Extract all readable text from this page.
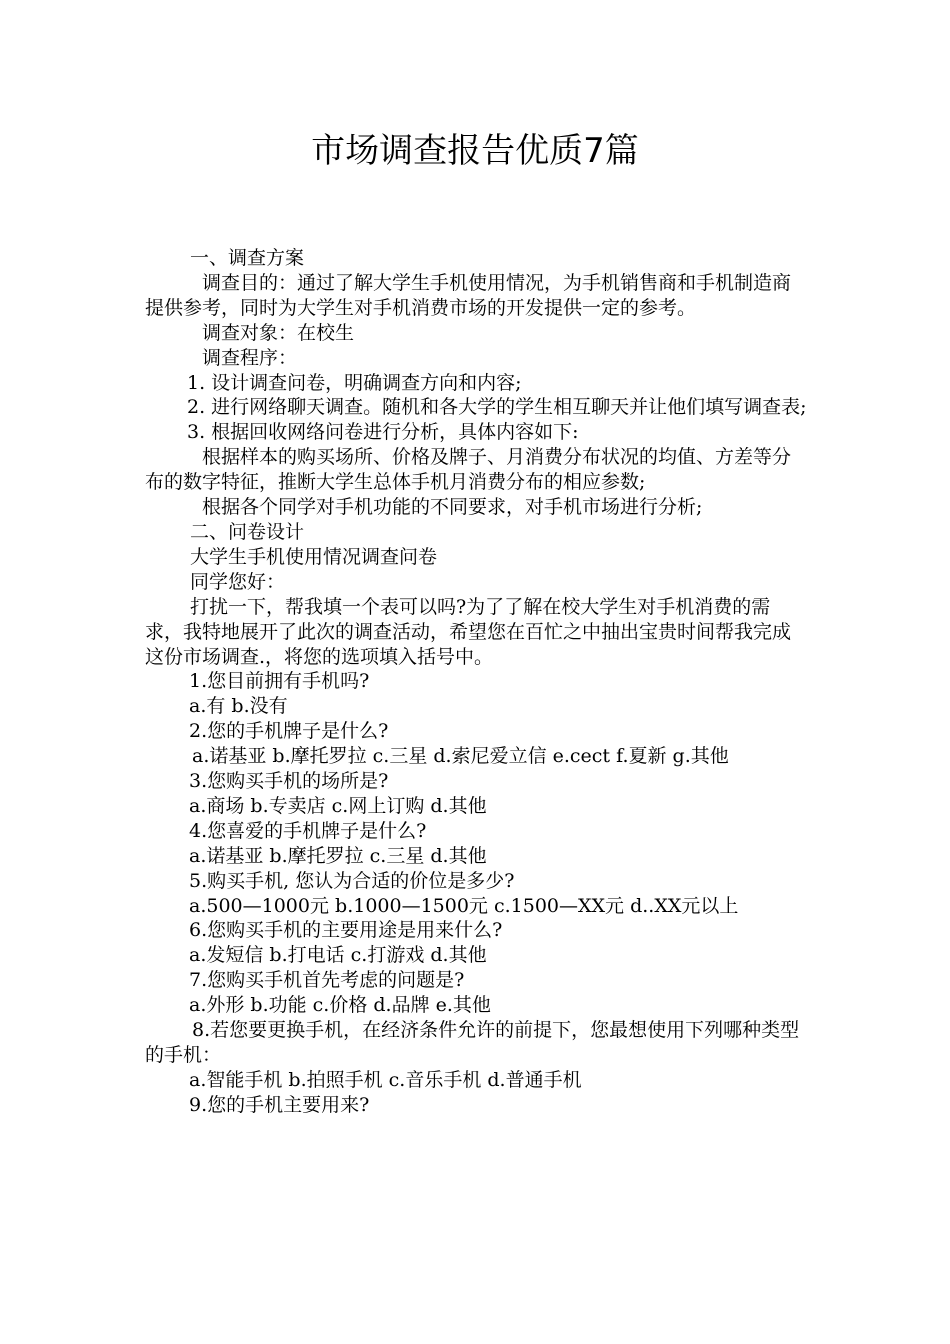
市场调查报告优质7篇

一、调查方案

调查目的：通过了解大学生手机使用情况，为手机销售商和手机制造商提供参考，同时为大学生对手机消费市场的开发提供一定的参考。

调查对象：在校生

调查程序：

1. 设计调查问卷，明确调查方向和内容;

2. 进行网络聊天调查。随机和各大学的学生相互聊天并让他们填写调查表;

3. 根据回收网络问卷进行分析，具体内容如下:

根据样本的购买场所、价格及牌子、月消费分布状况的均值、方差等分布的数字特征，推断大学生总体手机月消费分布的相应参数;

根据各个同学对手机功能的不同要求，对手机市场进行分析;

二、问卷设计

大学生手机使用情况调查问卷

同学您好：

打扰一下，帮我填一个表可以吗?为了了解在校大学生对手机消费的需求，我特地展开了此次的调查活动，希望您在百忙之中抽出宝贵时间帮我完成这份市场调查.，将您的选项填入括号中。

1.您目前拥有手机吗?

a.有 b.没有

2.您的手机牌子是什么?

a.诺基亚 b.摩托罗拉 c.三星 d.索尼爱立信 e.cect f.夏新 g.其他

3.您购买手机的场所是?

a.商场 b.专卖店 c.网上订购 d.其他

4.您喜爱的手机牌子是什么?

a.诺基亚 b.摩托罗拉 c.三星 d.其他

5.购买手机, 您认为合适的价位是多少?

a.500—1000元 b.1000—1500元 c.1500—XX元 d..XX元以上

6.您购买手机的主要用途是用来什么?

a.发短信 b.打电话 c.打游戏 d.其他

7.您购买手机首先考虑的问题是?

a.外形 b.功能 c.价格 d.品牌 e.其他

8.若您要更换手机，在经济条件允许的前提下，您最想使用下列哪种类型的手机：

a.智能手机 b.拍照手机 c.音乐手机 d.普通手机

9.您的手机主要用来?
